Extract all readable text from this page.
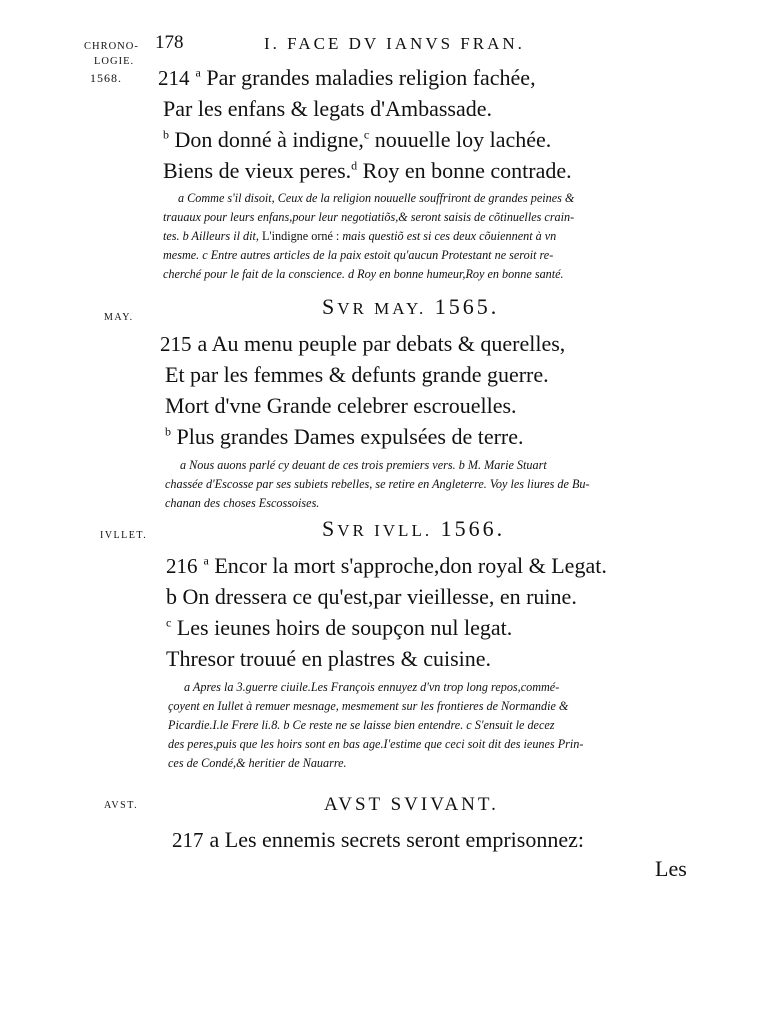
CHRONO-
LOGIE.
1568.
178	I. FACE DV IANVS FRAN.
214 $^a$ Par grandes maladies religion fachée,
Par les enfans & legats d'Ambassade.
$^b$ Don donné à indigne,$^c$ nouuelle loy lachée.
Biens de vieux peres.$^d$ Roy en bonne contrade.
a Comme s'il disoit, Ceux de la religion nouuelle souffriront de grandes peines &
trauaux pour leurs enfans,pour leur negotiatiõs,& seront saisis de cõtinuelles crain-
tes. b Ailleurs il dit, L'indigne orné : mais questiõ est si ces deux cõuiennent à vn
mesme. c Entre autres articles de la paix estoit qu'aucun Protestant ne seroit re-
cherché pour le fait de la conscience. d Roy en bonne humeur,Roy en bonne santé.
MAY.	SVR MAY. 1565.
215 a Au menu peuple par debats & querelles,
Et par les femmes & defunts grande guerre.
Mort d'vne Grande celebrer escrouelles.
$^b$ Plus grandes Dames expulsées de terre.
a Nous auons parlé cy deuant de ces trois premiers vers. b M. Marie Stuart
chassée d'Escosse par ses subiets rebelles, se retire en Angleterre. Voy les liures de Bu-
chanan des choses Escossoises.
IVLLET.	SVR IVLL. 1566.
216 $^a$ Encor la mort s'approche,don royal & Legat.
b On dressera ce qu'est,par vieillesse, en ruine.
$^c$ Les ieunes hoirs de soupçon nul legat.
Thresor trouué en plastres & cuisine.
a Apres la 3.guerre ciuile.Les François ennuyez d'vn trop long repos,commé-
çoyent en Iullet à remuer mesnage, mesmement sur les frontieres de Normandie &
Picardie.I.le Frere li.8. b Ce reste ne se laisse bien entendre. c S'ensuit le decez
des peres,puis que les hoirs sont en bas age.I'estime que ceci soit dit des ieunes Prin-
ces de Condé,& heritier de Nauarre.
AVST.	AVST SVIVANT.
217 a Les ennemis secrets seront emprisonnez:
Les
